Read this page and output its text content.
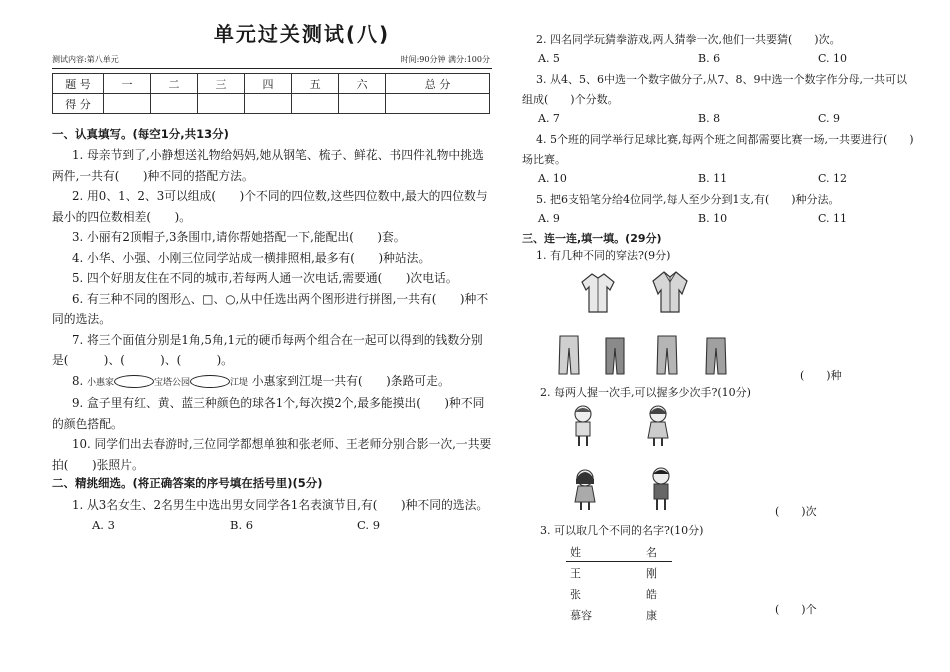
单元过关测试(八)
测试内容:第八单元	时间:90分钟 满分:100分
题 号	一	二	三	四	五	六	总 分
得 分							

一、认真填写。(每空1分,共13分)

1. 母亲节到了,小静想送礼物给妈妈,她从钢笔、梳子、鲜花、书四件礼物中挑选两件,一共有(　　)种不同的搭配方法。

2. 用0、1、2、3可以组成(　　)个不同的四位数,这些四位数中,最大的四位数与最小的四位数相差(　　)。

3. 小丽有2顶帽子,3条围巾,请你帮她搭配一下,能配出(　　)套。

4. 小华、小强、小刚三位同学站成一横排照相,最多有(　　)种站法。

5. 四个好朋友住在不同的城市,若每两人通一次电话,需要通(　　)次电话。

6. 有三种不同的图形△、□、○,从中任选出两个图形进行拼图,一共有(　　)种不同的选法。

7. 将三个面值分别是1角,5角,1元的硬币每两个组合在一起可以得到的钱数分别是(　　　)、(　　　)、(　　　)。

8. 小惠家	宝塔公园	江堤 小惠家到江堤一共有(　　)条路可走。

9. 盒子里有红、黄、蓝三种颜色的球各1个,每次摸2个,最多能摸出(　　)种不同的颜色搭配。

10. 同学们出去春游时,三位同学都想单独和张老师、王老师分别合影一次,一共要拍(　　)张照片。

二、精挑细选。(将正确答案的序号填在括号里)(5分)

1. 从3名女生、2名男生中选出男女同学各1名表演节目,有(　　)种不同的选法。

A. 3	B. 6	C. 9

2. 四名同学玩猜拳游戏,两人猜拳一次,他们一共要猜(　　)次。

A. 5	B. 6	C. 10

3. 从4、5、6中选一个数字做分子,从7、8、9中选一个数字作分母,一共可以组成(　　)个分数。

A. 7	B. 8	C. 9

4. 5个班的同学举行足球比赛,每两个班之间都需要比赛一场,一共要进行(　　)场比赛。

A. 10	B. 11	C. 12

5. 把6支铅笔分给4位同学,每人至少分到1支,有(　　)种分法。

A. 9	B. 10	C. 11

三、连一连,填一填。(29分)

1. 有几种不同的穿法?(9分)

(　　)种
2. 每两人握一次手,可以握多少次手?(10分)
(　　)次
3. 可以取几个不同的名字?(10分)
姓	名
王	刚
张	皓
慕容	康	(　　)个
